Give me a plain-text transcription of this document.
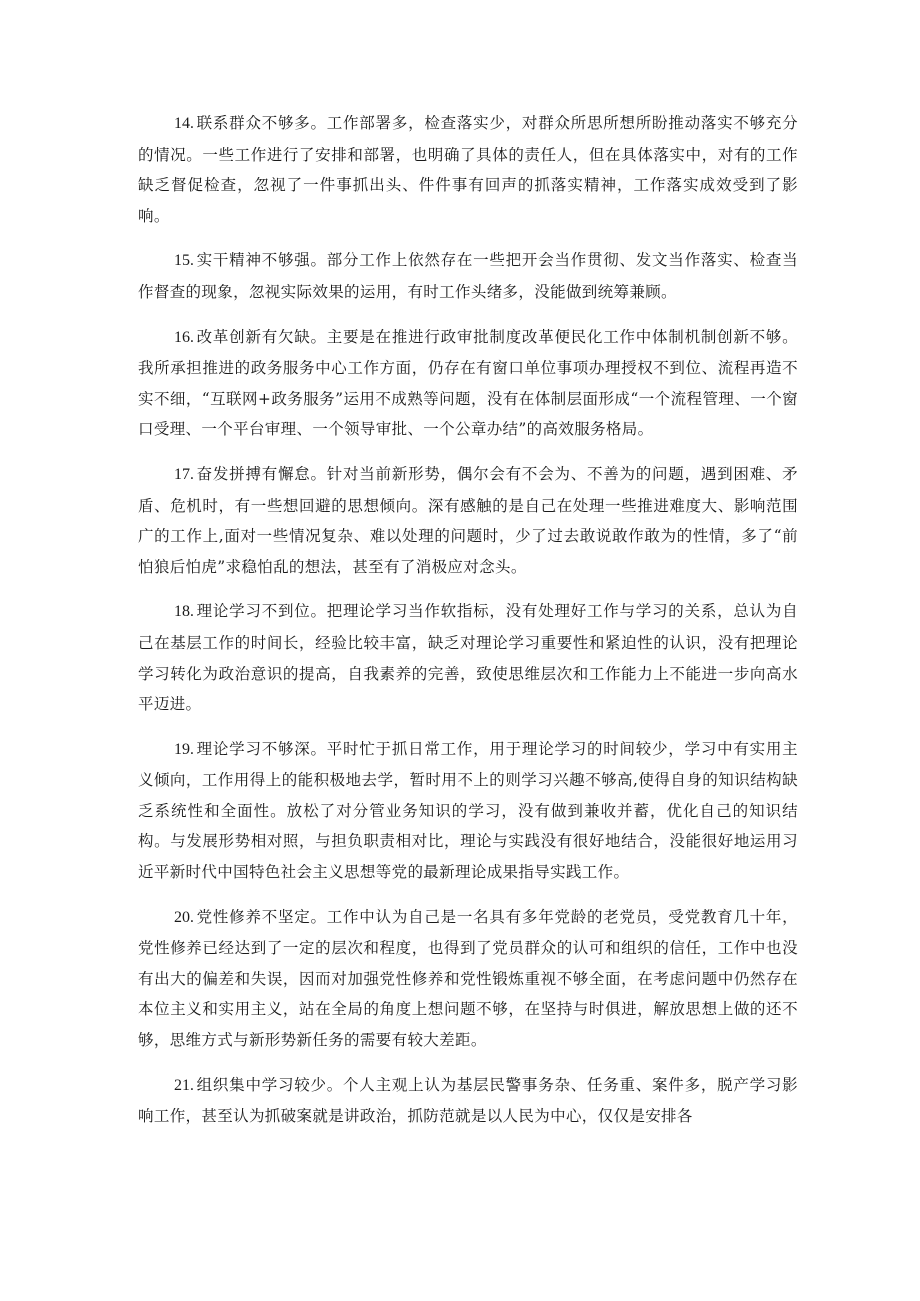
14. 联系群众不够多。工作部署多，检查落实少，对群众所思所想所盼推动落实不够充分的情况。一些工作进行了安排和部署，也明确了具体的责任人，但在具体落实中，对有的工作缺乏督促检查，忽视了一件事抓出头、件件事有回声的抓落实精神，工作落实成效受到了影响。

15. 实干精神不够强。部分工作上依然存在一些把开会当作贯彻、发文当作落实、检查当作督查的现象，忽视实际效果的运用，有时工作头绪多，没能做到统筹兼顾。

16. 改革创新有欠缺。主要是在推进行政审批制度改革便民化工作中体制机制创新不够。我所承担推进的政务服务中心工作方面，仍存在有窗口单位事项办理授权不到位、流程再造不实不细，“互联网+政务服务”运用不成熟等问题，没有在体制层面形成“一个流程管理、一个窗口受理、一个平台审理、一个领导审批、一个公章办结”的高效服务格局。

17. 奋发拼搏有懈怠。针对当前新形势，偶尔会有不会为、不善为的问题，遇到困难、矛盾、危机时，有一些想回避的思想倾向。深有感触的是自己在处理一些推进难度大、影响范围广的工作上,面对一些情况复杂、难以处理的问题时，少了过去敢说敢作敢为的性情，多了“前怕狼后怕虎”求稳怕乱的想法，甚至有了消极应对念头。

18. 理论学习不到位。把理论学习当作软指标，没有处理好工作与学习的关系，总认为自己在基层工作的时间长，经验比较丰富，缺乏对理论学习重要性和紧迫性的认识，没有把理论学习转化为政治意识的提高，自我素养的完善，致使思维层次和工作能力上不能进一步向高水平迈进。

19. 理论学习不够深。平时忙于抓日常工作，用于理论学习的时间较少，学习中有实用主义倾向，工作用得上的能积极地去学，暂时用不上的则学习兴趣不够高,使得自身的知识结构缺乏系统性和全面性。放松了对分管业务知识的学习，没有做到兼收并蓄，优化自己的知识结构。与发展形势相对照，与担负职责相对比，理论与实践没有很好地结合，没能很好地运用习近平新时代中国特色社会主义思想等党的最新理论成果指导实践工作。

20. 党性修养不坚定。工作中认为自己是一名具有多年党龄的老党员，受党教育几十年，党性修养已经达到了一定的层次和程度，也得到了党员群众的认可和组织的信任，工作中也没有出大的偏差和失误，因而对加强党性修养和党性锻炼重视不够全面，在考虑问题中仍然存在本位主义和实用主义，站在全局的角度上想问题不够，在坚持与时俱进，解放思想上做的还不够，思维方式与新形势新任务的需要有较大差距。

21. 组织集中学习较少。个人主观上认为基层民警事务杂、任务重、案件多，脱产学习影响工作，甚至认为抓破案就是讲政治，抓防范就是以人民为中心，仅仅是安排各
